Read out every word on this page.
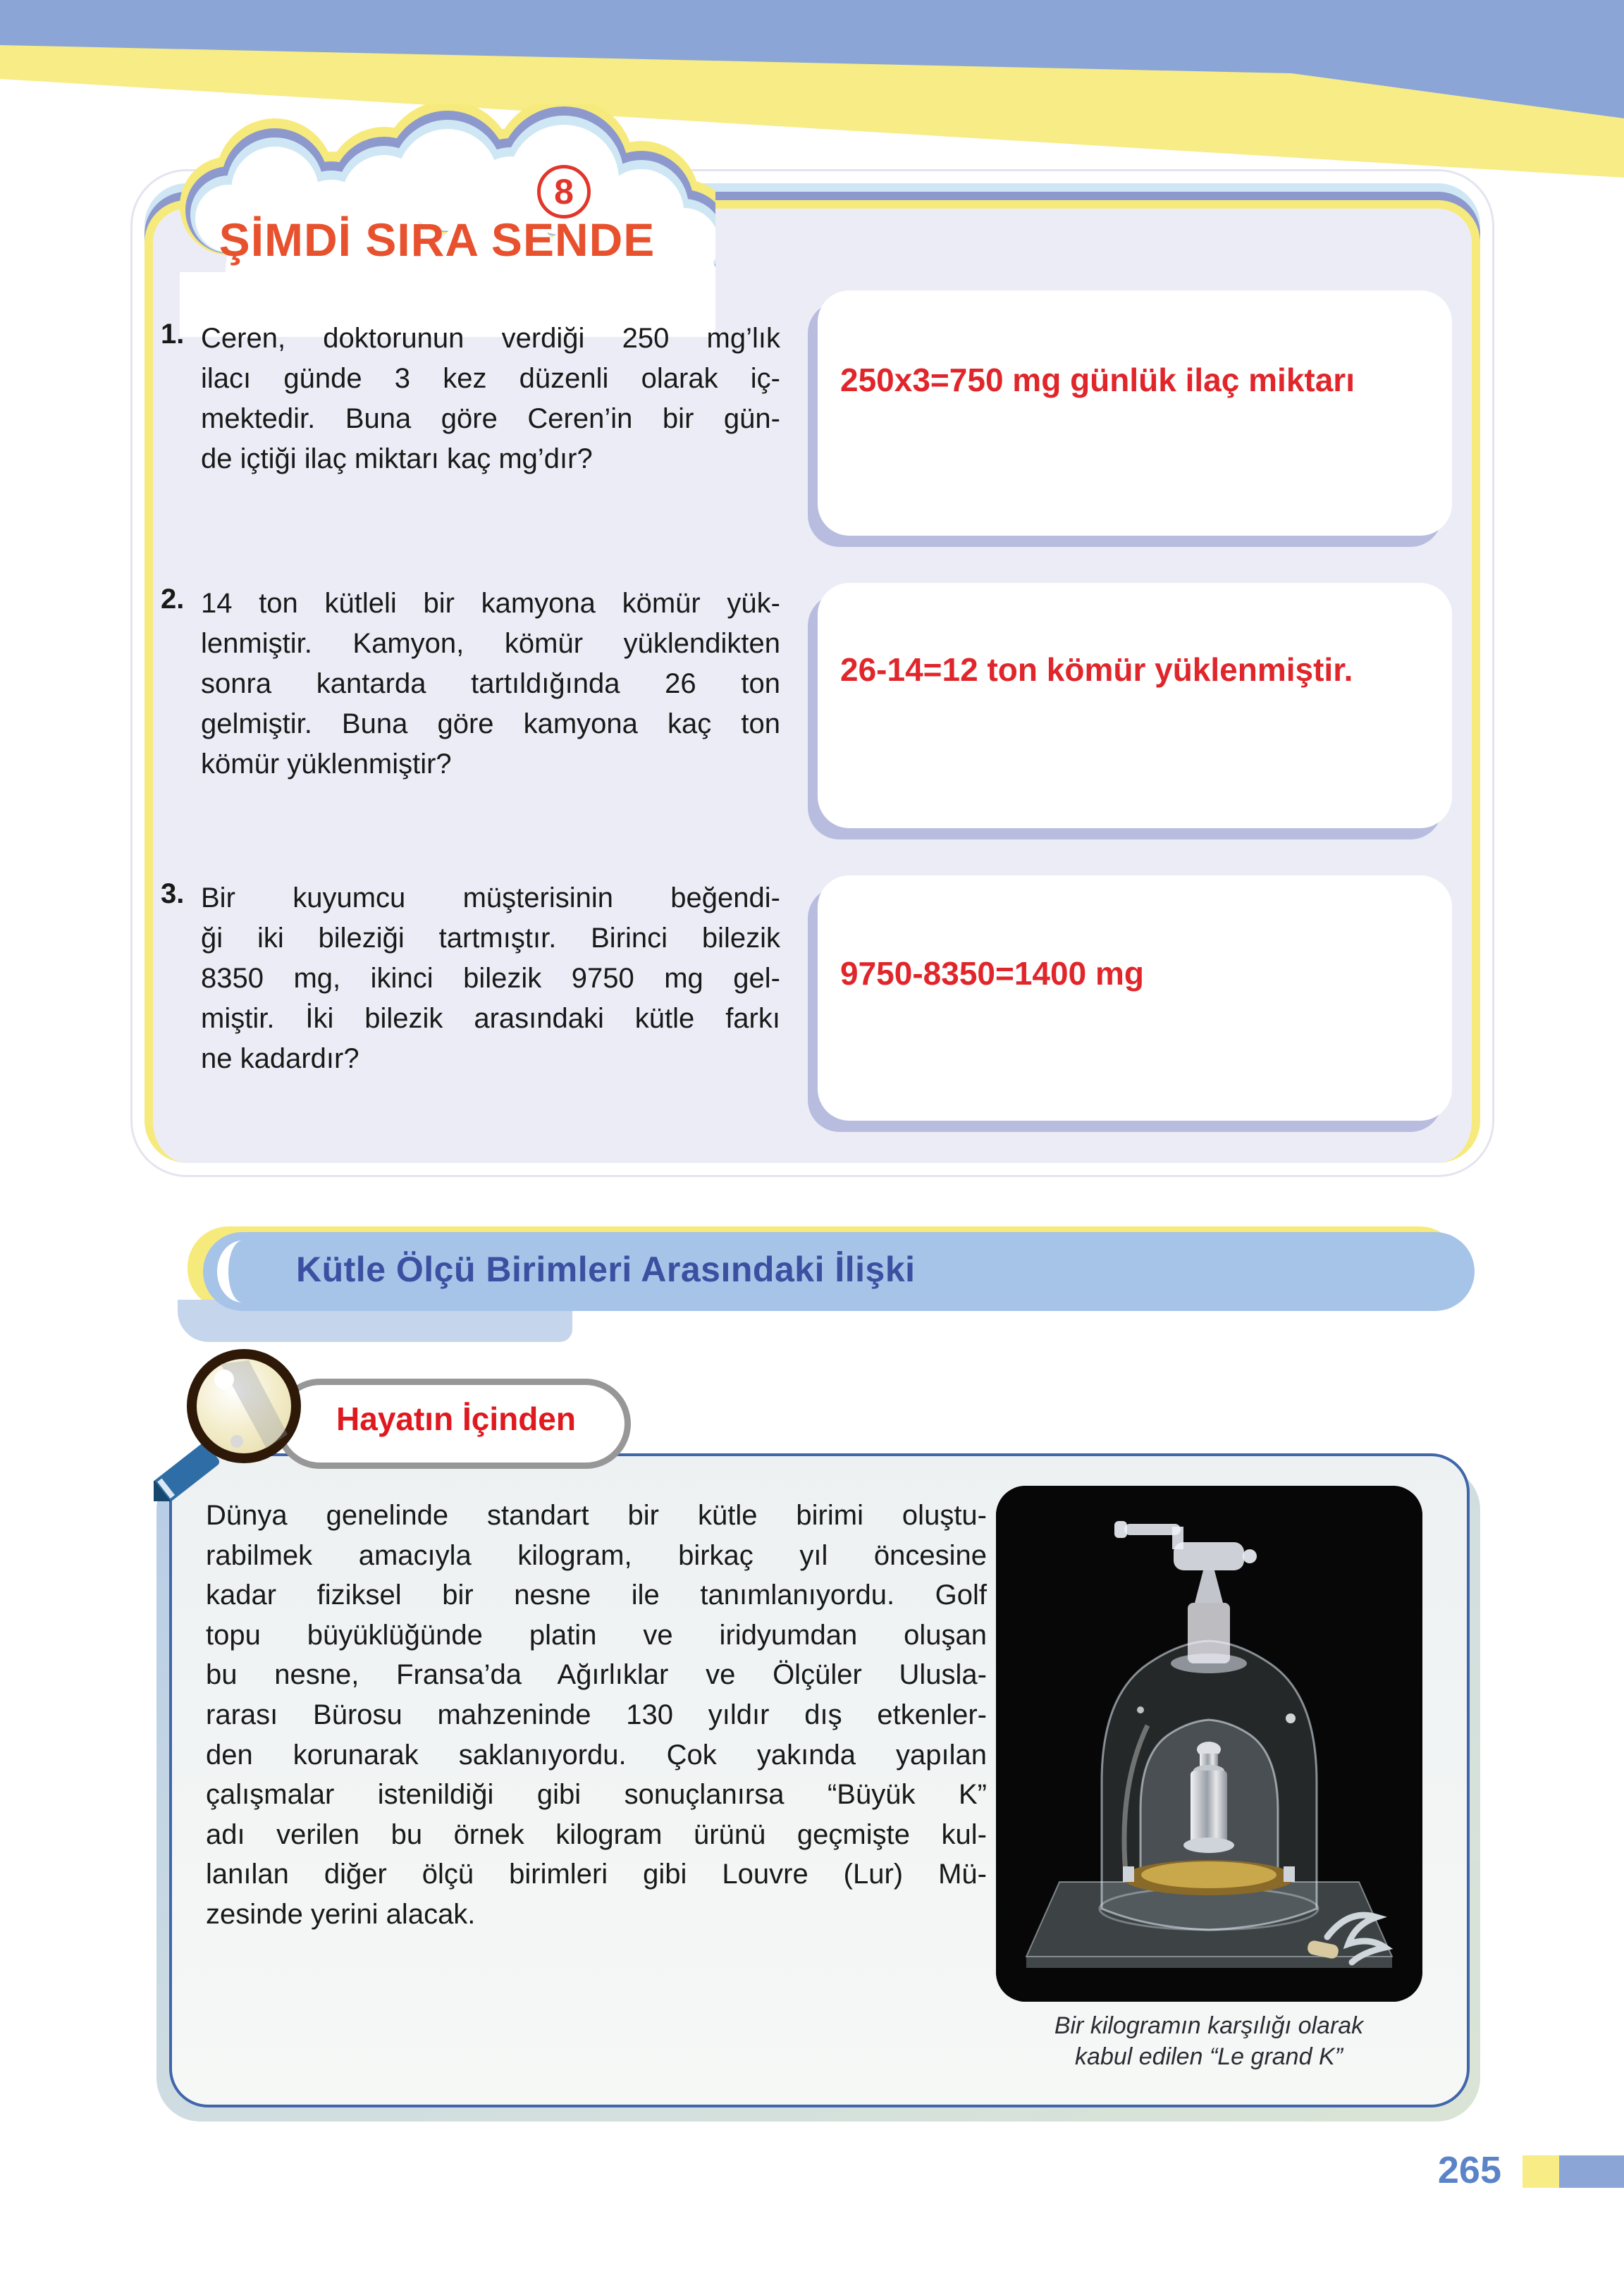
8
ŞİMDİ SIRA SENDE
1. Ceren, doktorunun verdiği 250 mg’lık
ilacı günde 3 kez düzenli olarak iç-
mektedir. Buna göre Ceren’in bir gün-
de içtiği ilaç miktarı kaç mg’dır?
250x3=750 mg günlük ilaç miktarı
2. 14 ton kütleli bir kamyona kömür yük-
lenmiştir. Kamyon, kömür yüklendikten
sonra kantarda tartıldığında 26 ton
gelmiştir. Buna göre kamyona kaç ton
kömür yüklenmiştir?
26-14=12 ton kömür yüklenmiştir.
3. Bir kuyumcu müşterisinin beğendi-
ği iki bileziği tartmıştır. Birinci bilezik
8350 mg, ikinci bilezik 9750 mg gel-
miştir. İki bilezik arasındaki kütle farkı
ne kadardır?
9750-8350=1400 mg
Kütle Ölçü Birimleri Arasındaki İlişki
Hayatın İçinden
Dünya genelinde standart bir kütle birimi oluştu-
rabilmek amacıyla kilogram, birkaç yıl öncesine
kadar fiziksel bir nesne ile tanımlanıyordu. Golf
topu büyüklüğünde platin ve iridyumdan oluşan
bu nesne, Fransa’da Ağırlıklar ve Ölçüler Ulusla-
rarası Bürosu mahzeninde 130 yıldır dış etkenler-
den korunarak saklanıyordu. Çok yakında yapılan
çalışmalar istenildiği gibi sonuçlanırsa “Büyük K”
adı verilen bu örnek kilogram ürünü geçmişte kul-
lanılan diğer ölçü birimleri gibi Louvre (Lur) Mü-
zesinde yerini alacak.
Bir kilogramın karşılığı olarak
kabul edilen “Le grand K”
265
